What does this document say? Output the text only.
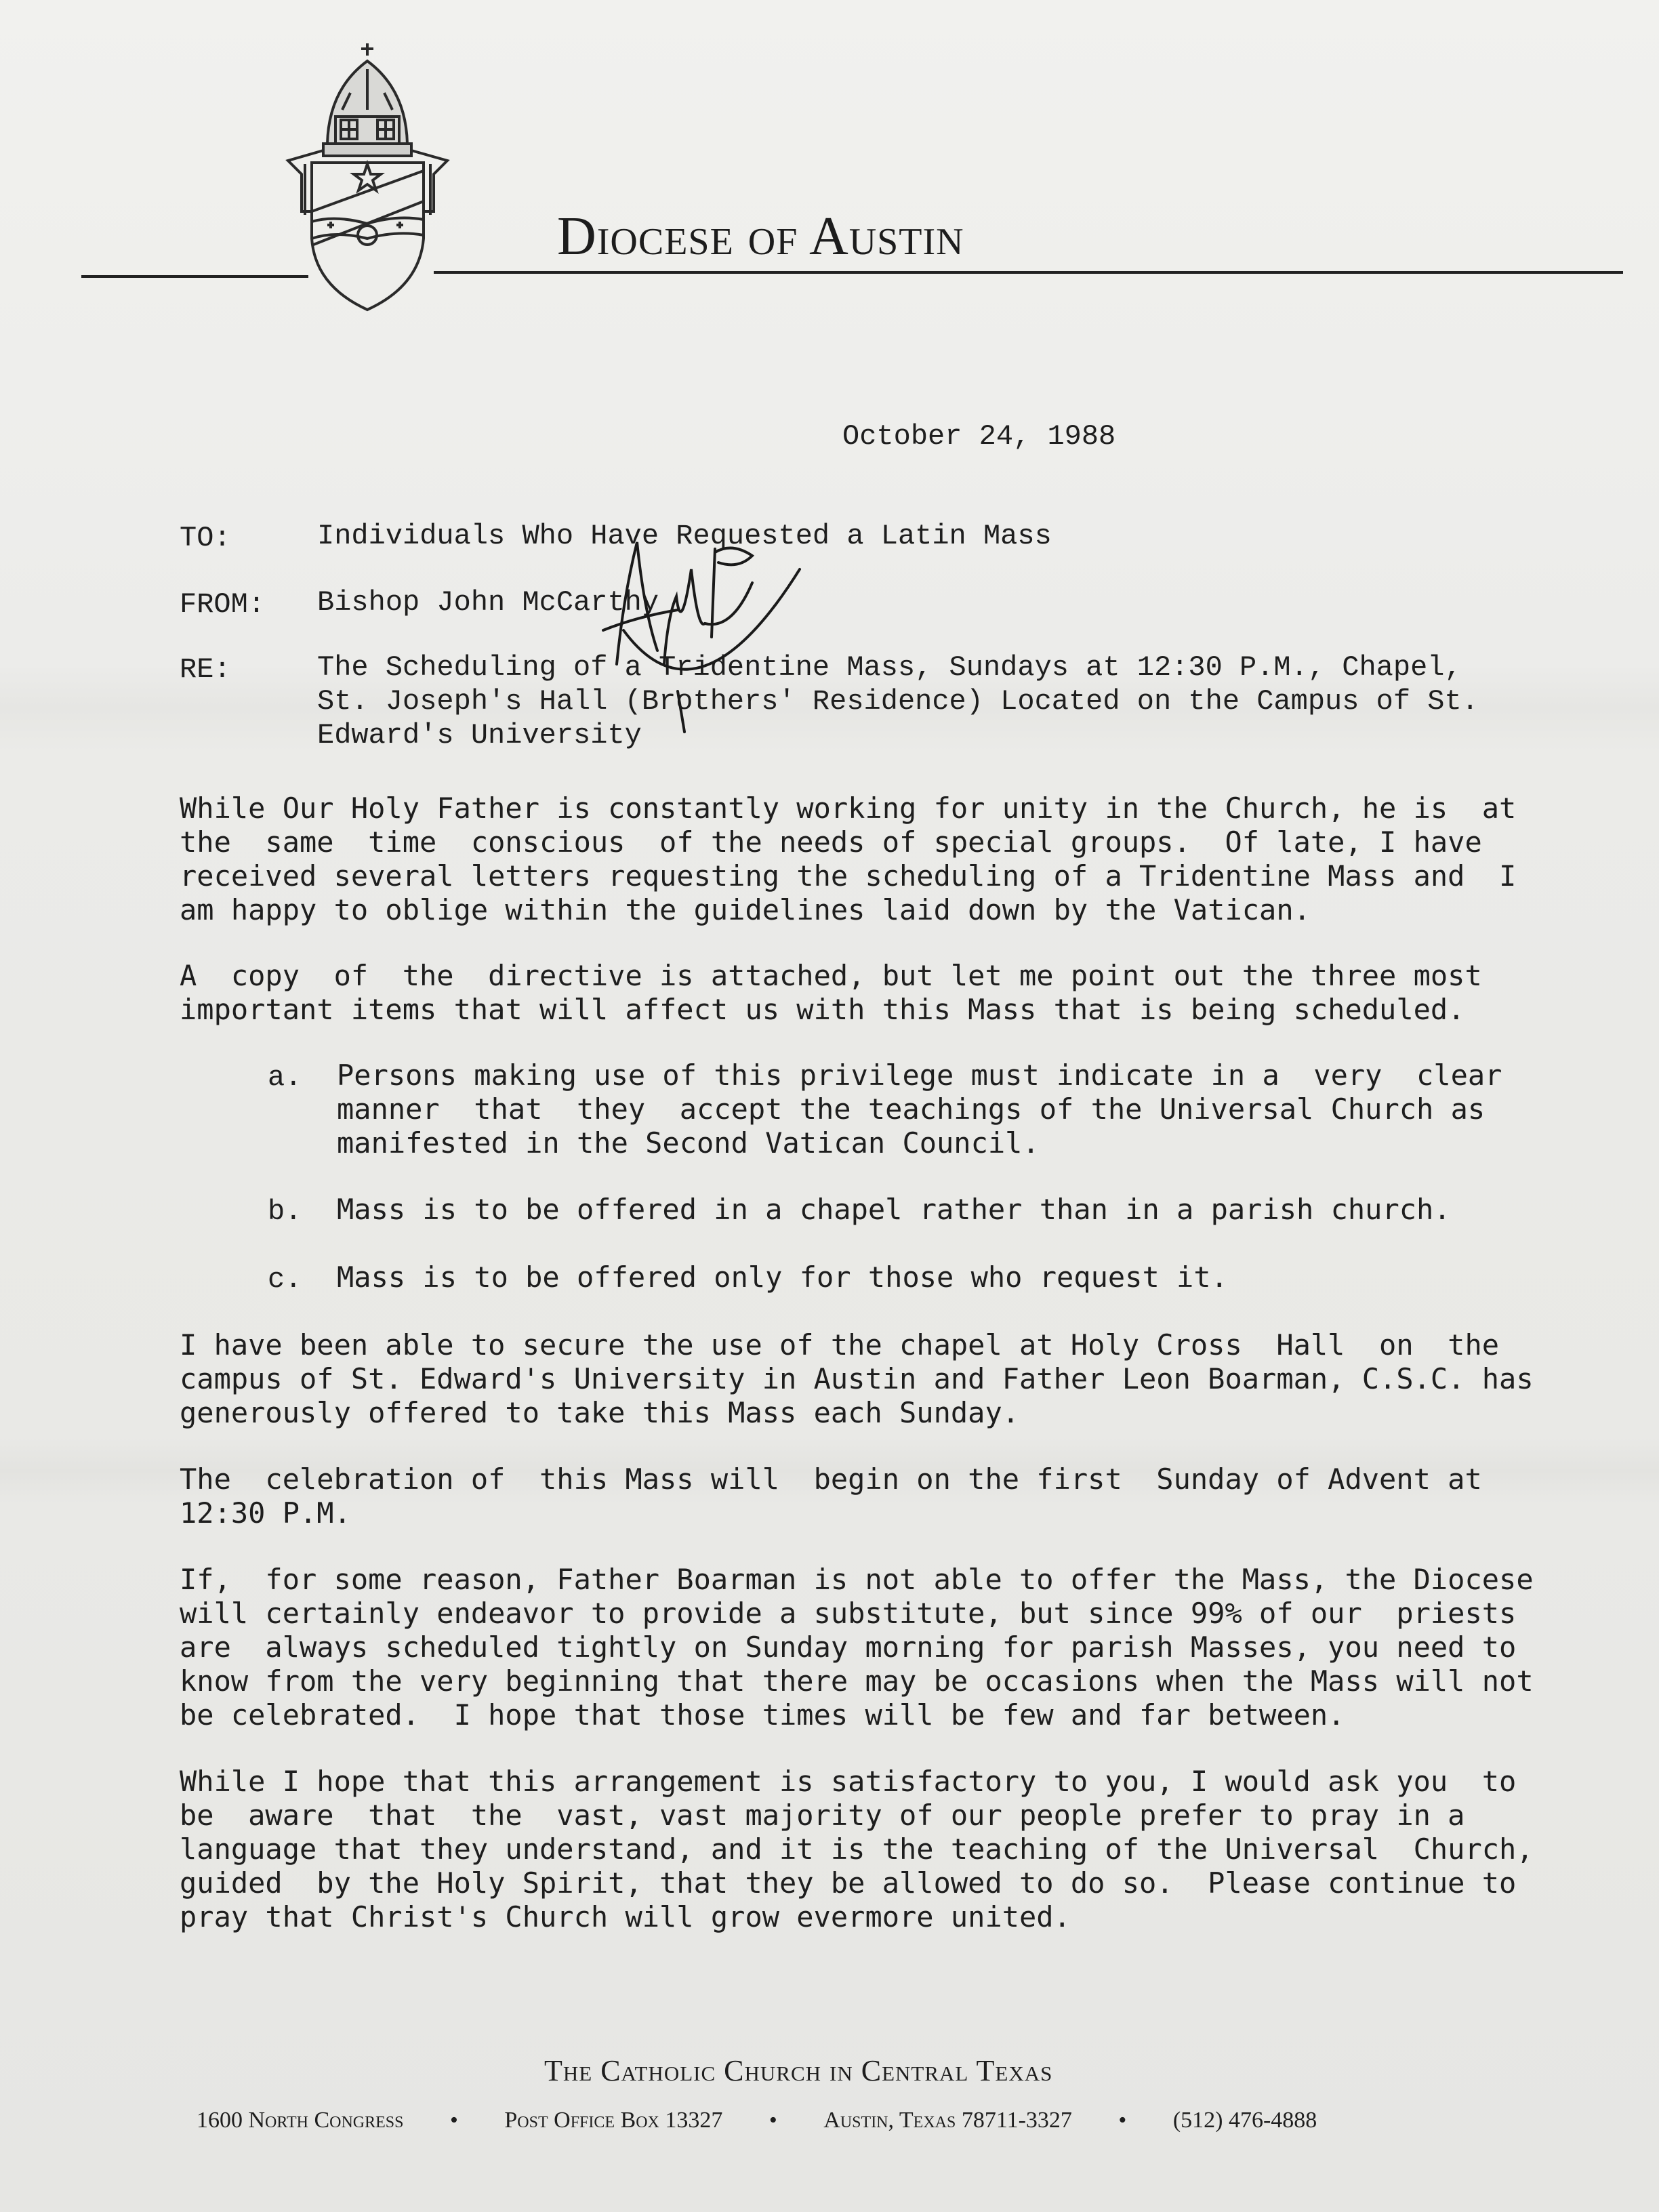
Diocese of Austin
October 24, 1988
TO:	Individuals Who Have Requested a Latin Mass
FROM: Bishop John McCarthy
RE:	The Scheduling of a Tridentine Mass, Sundays at 12:30 P.M., Chapel,
St. Joseph's Hall (Brothers' Residence) Located on the Campus of St.
Edward's University
While Our Holy Father is constantly working for unity in the Church, he is  at
the  same  time  conscious  of the needs of special groups.  Of late, I have
received several letters requesting the scheduling of a Tridentine Mass and  I
am happy to oblige within the guidelines laid down by the Vatican.
A  copy  of  the  directive is attached, but let me point out the three most
important items that will affect us with this Mass that is being scheduled.
a. Persons making use of this privilege must indicate in a  very  clear
manner  that  they  accept the teachings of the Universal Church as
manifested in the Second Vatican Council.
b. Mass is to be offered in a chapel rather than in a parish church.
c. Mass is to be offered only for those who request it.
I have been able to secure the use of the chapel at Holy Cross  Hall  on  the
campus of St. Edward's University in Austin and Father Leon Boarman, C.S.C. has
generously offered to take this Mass each Sunday.
The  celebration of  this Mass will  begin on the first  Sunday of Advent at
12:30 P.M.
If,  for some reason, Father Boarman is not able to offer the Mass, the Diocese
will certainly endeavor to provide a substitute, but since 99% of our  priests
are  always scheduled tightly on Sunday morning for parish Masses, you need to
know from the very beginning that there may be occasions when the Mass will not
be celebrated.  I hope that those times will be few and far between.
While I hope that this arrangement is satisfactory to you, I would ask you  to
be  aware  that  the  vast, vast majority of our people prefer to pray in a
language that they understand, and it is the teaching of the Universal  Church,
guided  by the Holy Spirit, that they be allowed to do so.  Please continue to
pray that Christ's Church will grow evermore united.
The Catholic Church in Central Texas
1600 North Congress • Post Office Box 13327 • Austin, Texas 78711-3327 • (512) 476-4888
